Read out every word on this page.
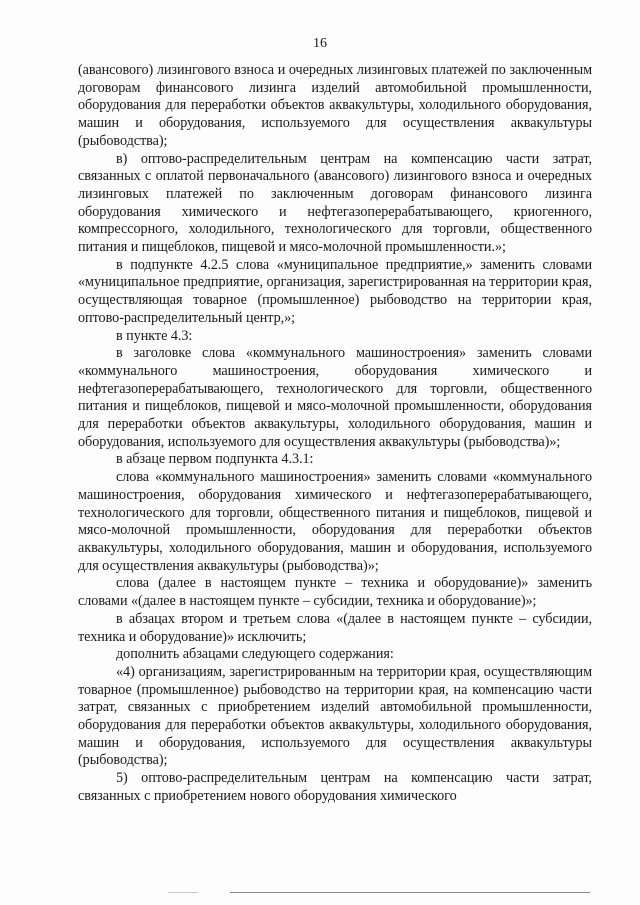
16

(авансового) лизингового взноса и очередных лизинговых платежей по заключенным договорам финансового лизинга изделий автомобильной промышленности, оборудования для переработки объектов аквакультуры, холодильного оборудования, машин и оборудования, используемого для осуществления аквакультуры (рыбоводства);

в) оптово-распределительным центрам на компенсацию части затрат, связанных с оплатой первоначального (авансового) лизингового взноса и очередных лизинговых платежей по заключенным договорам финансового лизинга оборудования химического и нефтегазоперерабатывающего, криогенного, компрессорного, холодильного, технологического для торговли, общественного питания и пищеблоков, пищевой и мясо-молочной промышленности.»;

в подпункте 4.2.5 слова «муниципальное предприятие,» заменить словами «муниципальное предприятие, организация, зарегистрированная на территории края, осуществляющая товарное (промышленное) рыбоводство на территории края, оптово-распределительный центр,»;

в пункте 4.3:

в заголовке слова «коммунального машиностроения» заменить словами «коммунального машиностроения, оборудования химического и нефтегазоперерабатывающего, технологического для торговли, общественного питания и пищеблоков, пищевой и мясо-молочной промышленности, оборудования для переработки объектов аквакультуры, холодильного оборудования, машин и оборудования, используемого для осуществления аквакультуры (рыбоводства)»;

в абзаце первом подпункта 4.3.1:

слова «коммунального машиностроения» заменить словами «коммунального машиностроения, оборудования химического и нефтегазоперерабатывающего, технологического для торговли, общественного питания и пищеблоков, пищевой и мясо-молочной промышленности, оборудования для переработки объектов аквакультуры, холодильного оборудования, машин и оборудования, используемого для осуществления аквакультуры (рыбоводства)»;

слова (далее в настоящем пункте – техника и оборудование)» заменить словами «(далее в настоящем пункте – субсидии, техника и оборудование)»;

в абзацах втором и третьем слова «(далее в настоящем пункте – субсидии, техника и оборудование)» исключить;

дополнить абзацами следующего содержания:

«4) организациям, зарегистрированным на территории края, осуществляющим товарное (промышленное) рыбоводство на территории края, на компенсацию части затрат, связанных с приобретением изделий автомобильной промышленности, оборудования для переработки объектов аквакультуры, холодильного оборудования, машин и оборудования, используемого для осуществления аквакультуры (рыбоводства);

5) оптово-распределительным центрам на компенсацию части затрат, связанных с приобретением нового оборудования химического
